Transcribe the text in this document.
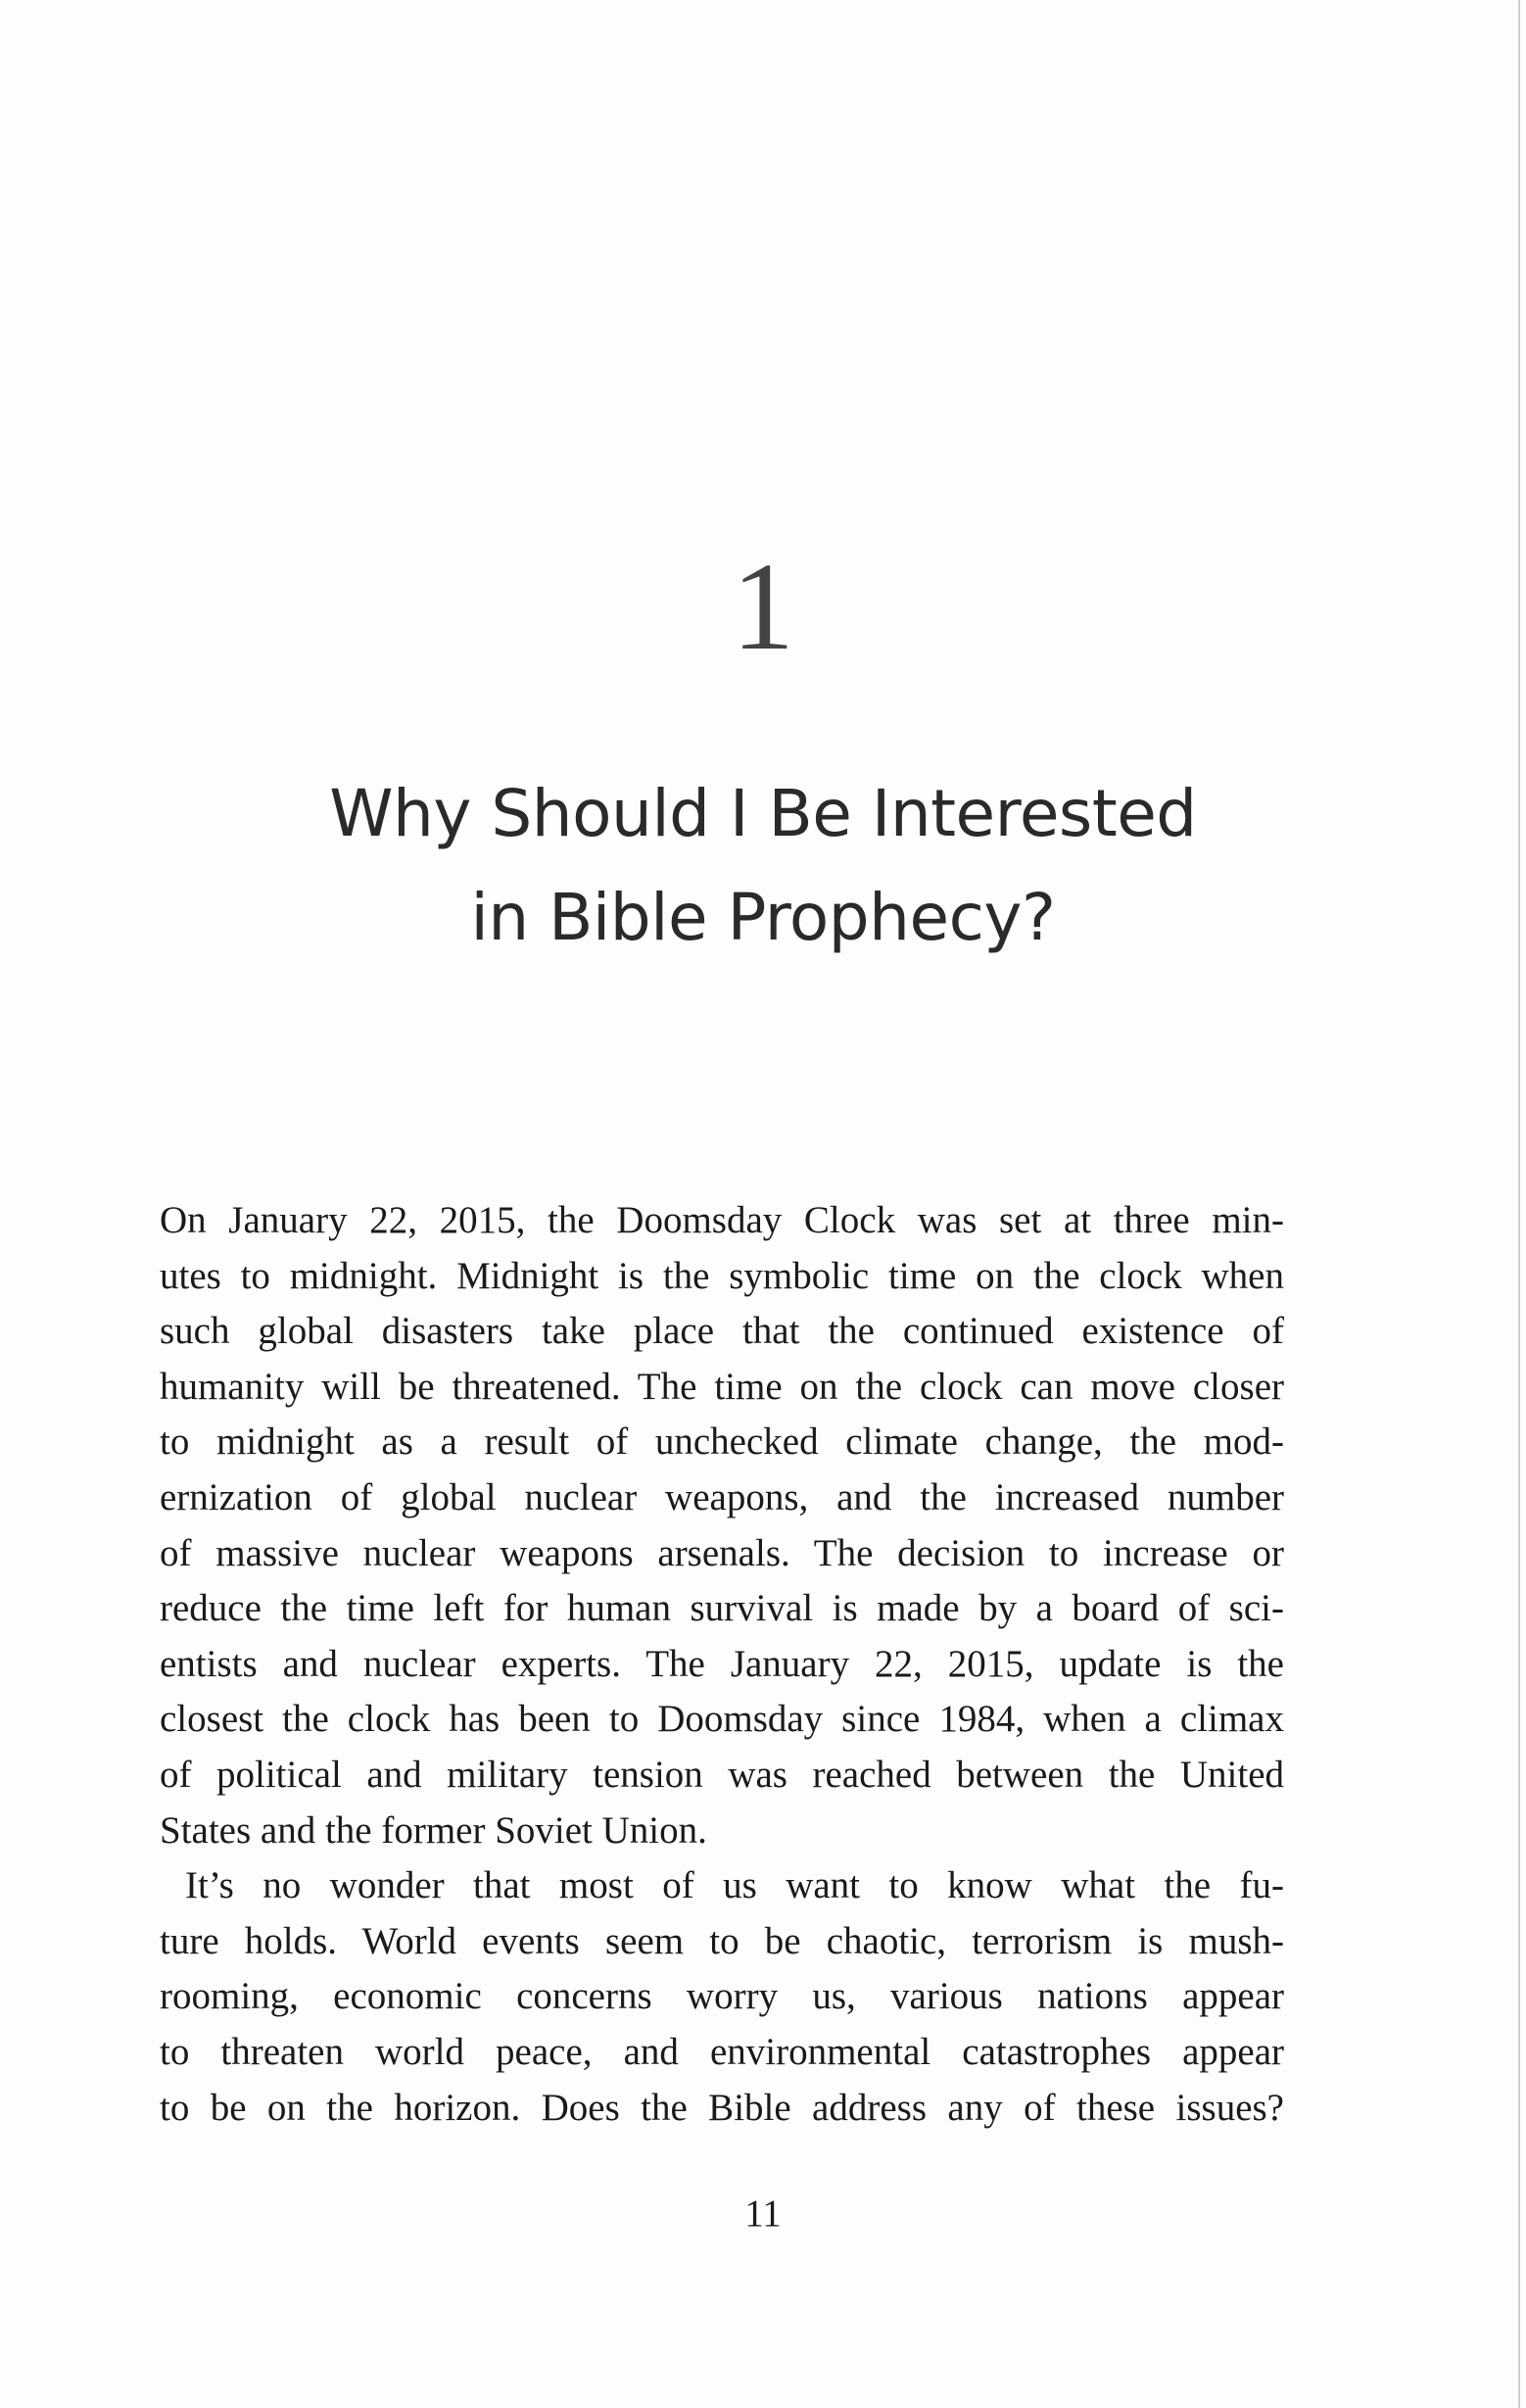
1
Why Should I Be Interested
in Bible Prophecy?
On January 22, 2015, the Doomsday Clock was set at three min-
utes to midnight. Midnight is the symbolic time on the clock when
such global disasters take place that the continued existence of
humanity will be threatened. The time on the clock can move closer
to midnight as a result of unchecked climate change, the mod-
ernization of global nuclear weapons, and the increased number
of massive nuclear weapons arsenals. The decision to increase or
reduce the time left for human survival is made by a board of sci-
entists and nuclear experts. The January 22, 2015, update is the
closest the clock has been to Doomsday since 1984, when a climax
of political and military tension was reached between the United
States and the former Soviet Union.
It’s no wonder that most of us want to know what the fu-
ture holds. World events seem to be chaotic, terrorism is mush-
rooming, economic concerns worry us, various nations appear
to threaten world peace, and environmental catastrophes appear
to be on the horizon. Does the Bible address any of these issues?
11
